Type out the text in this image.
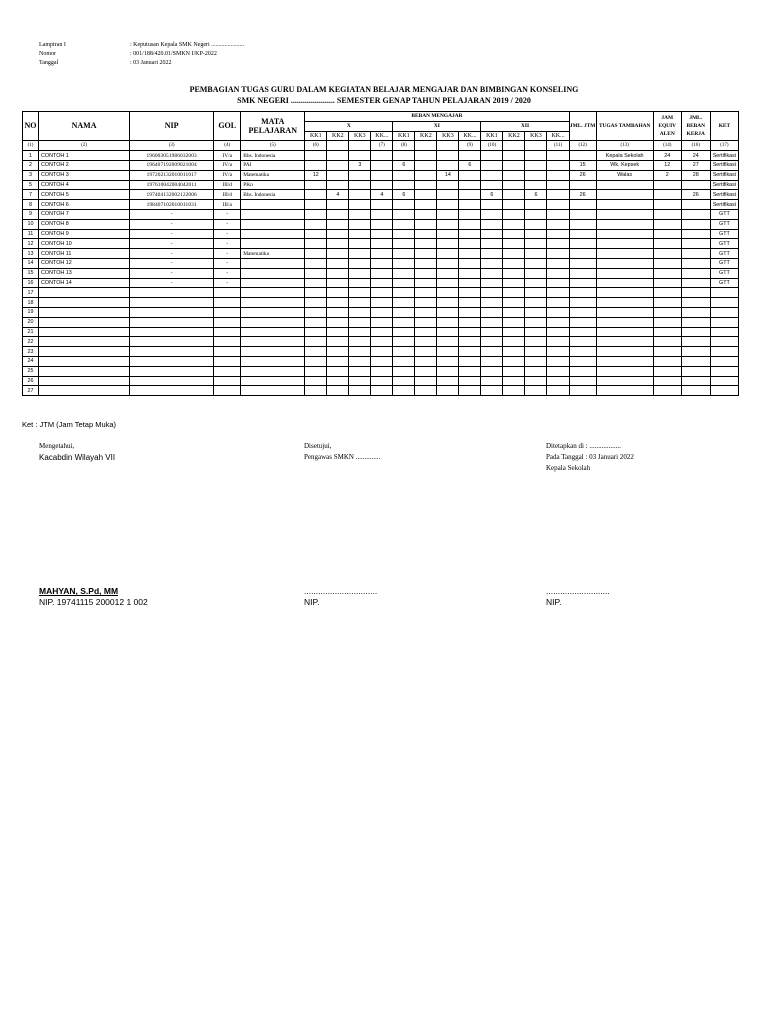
Lampiran I	: Keputusan Kepala SMK Negeri ......................
Nomor	: 001/188/420.01/SMKN I/KP-2022
Tanggal	: 03 Januari 2022
PEMBAGIAN TUGAS GURU DALAM KEGIATAN BELAJAR MENGAJAR DAN BIMBINGAN KONSELING
SMK NEGERI ...................... SEMESTER GENAP TAHUN PELAJARAN 2019 / 2020
NO	NAMA	NIP	GOL	MATA PELAJARAN	BEBAN MENGAJAR												JML. JTM	TUGAS TAMBAHAN	JAM EQUIV ALEN	JML. BEBAN KERJA	KET
					X				XI				XII								
					KK1	KK2	KK3	KK...	KK1	KK2	KK3	KK...	KK1	KK2	KK3	KK...					
(1)	(2)	(3)	(4)	(5)	(6)			(7)	(8)			(9)	(10)			(11)	(12)	(13)	(14)	(16)	(17)
1	CONTOH 1	196003051986032003	IV/a	Bhs. Indonesia														Kepala Sekolah	24	24	Sertifikasi
2	CONTOH 2	196407192009021004	IV/a	PAI			3		6			6					15	Wk. Kepsek	12	27	Sertifikasi
3	CONTOH 3	197202132010011017	IV/a	Matematika	12						14						26	Walas	2	28	Sertifikasi
5	CONTOH 4	197610042004042011	III/d	PKn																	Sertifikasi
7	CONTOH 5	197404132002122006	III/d	Bhs. Indonesia		4		4	6				6		6		26			26	Sertifikasi
8	CONTOH 6	198407102010011031	III/a																		Sertifikasi
9	CONTOH 7	-	-																		GTT
10	CONTOH 8	-	-																		GTT
11	CONTOH 9	-	-																		GTT
12	CONTOH 10	-	-																		GTT
13	CONTOH 11	-	-	Matematika																	GTT
14	CONTOH 12	-	-																		GTT
15	CONTOH 13	-	-																		GTT
16	CONTOH 14	-	-																		GTT
17																					
18																					
19																					
20																					
21																					
22																					
23																					
24																					
25																					
26																					
27																					
Ket : JTM (Jam Tetap Muka)
Mengetahui,
Kacabdin Wilayah VII
Disetujui,
Pengawas SMKN ..............
Ditetapkan di : ..................
Pada Tanggal : 03 Januari 2022
Kepala Sekolah
MAHYAN, S.Pd, MM
NIP. 19741115 200012 1 002
...............................
NIP.
...........................
NIP.
